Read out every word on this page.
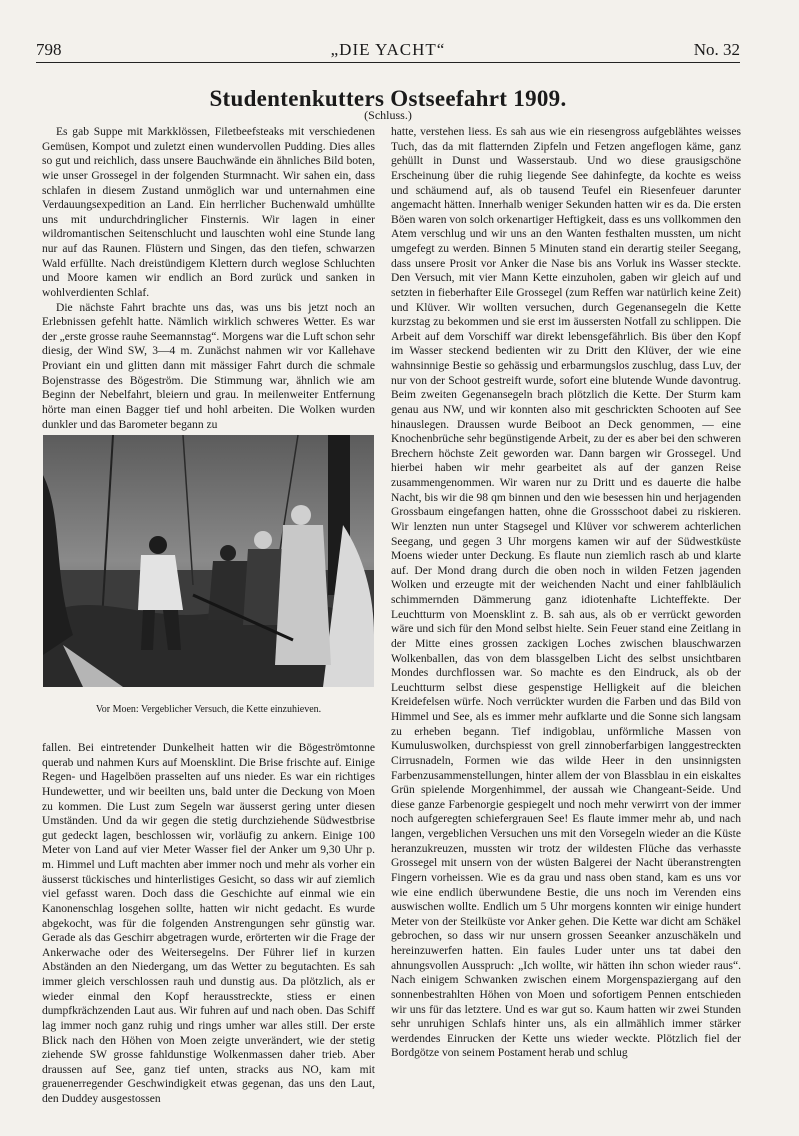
798	„DIE YACHT“	No. 32
Studentenkutters Ostseefahrt 1909.
(Schluss.)

Es gab Suppe mit Markklössen, Filetbeefsteaks mit verschiedenen Gemüsen, Kompot und zuletzt einen wundervollen Pudding. Dies alles so gut und reichlich, dass unsere Bauchwände ein ähnliches Bild boten, wie unser Grossegel in der folgenden Sturmnacht. Wir sahen ein, dass schlafen in diesem Zustand unmöglich war und unternahmen eine Verdauungsexpedition an Land. Ein herrlicher Buchenwald umhüllte uns mit undurchdringlicher Finsternis. Wir lagen in einer wildromantischen Seitenschlucht und lauschten wohl eine Stunde lang nur auf das Raunen. Flüstern und Singen, das den tiefen, schwarzen Wald erfüllte. Nach dreistündigem Klettern durch weglose Schluchten und Moore kamen wir endlich an Bord zurück und sanken in wohlverdienten Schlaf.

Die nächste Fahrt brachte uns das, was uns bis jetzt noch an Erlebnissen gefehlt hatte. Nämlich wirklich schweres Wetter. Es war der „erste grosse rauhe Seemannstag“. Morgens war die Luft schon sehr diesig, der Wind SW, 3—4 m. Zunächst nahmen wir vor Kallehave Proviant ein und glitten dann mit mässiger Fahrt durch die schmale Bojenstrasse des Bögeström. Die Stimmung war, ähnlich wie am Beginn der Nebelfahrt, bleiern und grau. In meilenweiter Entfernung hörte man einen Bagger tief und hohl arbeiten. Die Wolken wurden dunkler und das Barometer begann zu

Vor Moen: Vergeblicher Versuch, die Kette einzuhieven.

fallen. Bei eintretender Dunkelheit hatten wir die Bögeströmtonne querab und nahmen Kurs auf Moensklint. Die Brise frischte auf. Einige Regen- und Hagelböen prasselten auf uns nieder. Es war ein richtiges Hundewetter, und wir beeilten uns, bald unter die Deckung von Moen zu kommen. Die Lust zum Segeln war äusserst gering unter diesen Umständen. Und da wir gegen die stetig durchziehende Südwestbrise gut gedeckt lagen, beschlossen wir, vorläufig zu ankern. Einige 100 Meter von Land auf vier Meter Wasser fiel der Anker um 9,30 Uhr p. m. Himmel und Luft machten aber immer noch und mehr als vorher ein äusserst tückisches und hinterlistiges Gesicht, so dass wir auf ziemlich viel gefasst waren. Doch dass die Geschichte auf einmal wie ein Kanonenschlag losgehen sollte, hatten wir nicht gedacht. Es wurde abgekocht, was für die folgenden Anstrengungen sehr günstig war. Gerade als das Geschirr abgetragen wurde, erörterten wir die Frage der Ankerwache oder des Weitersegelns. Der Führer lief in kurzen Abständen an den Niedergang, um das Wetter zu begutachten. Es sah immer gleich verschlossen rauh und dunstig aus. Da plötzlich, als er wieder einmal den Kopf herausstreckte, stiess er einen dumpfkrächzenden Laut aus. Wir fuhren auf und nach oben. Das Schiff lag immer noch ganz ruhig und rings umher war alles still. Der erste Blick nach den Höhen von Moen zeigte unverändert, wie der stetig ziehende SW grosse fahldunstige Wolkenmassen daher trieb. Aber draussen auf See, ganz tief unten, stracks aus NO, kam mit grauenerregender Geschwindigkeit etwas gegenan, das uns den Laut, den Duddey ausgestossen

hatte, verstehen liess. Es sah aus wie ein riesengross aufgeblähtes weisses Tuch, das da mit flatternden Zipfeln und Fetzen angeflogen käme, ganz gehüllt in Dunst und Wasserstaub. Und wo diese grausigschöne Erscheinung über die ruhig liegende See dahinfegte, da kochte es weiss und schäumend auf, als ob tausend Teufel ein Riesenfeuer darunter angemacht hätten. Innerhalb weniger Sekunden hatten wir es da. Die ersten Böen waren von solch orkenartiger Heftigkeit, dass es uns vollkommen den Atem verschlug und wir uns an den Wanten festhalten mussten, um nicht umgefegt zu werden. Binnen 5 Minuten stand ein derartig steiler Seegang, dass unsere Prosit vor Anker die Nase bis ans Vorluk ins Wasser steckte. Den Versuch, mit vier Mann Kette einzuholen, gaben wir gleich auf und setzten in fieberhafter Eile Grossegel (zum Reffen war natürlich keine Zeit) und Klüver. Wir wollten versuchen, durch Gegenansegeln die Kette kurzstag zu bekommen und sie erst im äussersten Notfall zu schlippen. Die Arbeit auf dem Vorschiff war direkt lebensgefährlich. Bis über den Kopf im Wasser steckend bedienten wir zu Dritt den Klüver, der wie eine wahnsinnige Bestie so gehässig und erbarmungslos zuschlug, dass Luv, der nur von der Schoot gestreift wurde, sofort eine blutende Wunde davontrug. Beim zweiten Gegenansegeln brach plötzlich die Kette. Der Sturm kam genau aus NW, und wir konnten also mit geschrickten Schooten auf See hinauslegen. Draussen wurde Beiboot an Deck genommen, — eine Knochenbrüche sehr begünstigende Arbeit, zu der es aber bei den schweren Brechern höchste Zeit geworden war. Dann bargen wir Grossegel. Und hierbei haben wir mehr gearbeitet als auf der ganzen Reise zusammengenommen. Wir waren nur zu Dritt und es dauerte die halbe Nacht, bis wir die 98 qm binnen und den wie besessen hin und herjagenden Grossbaum eingefangen hatten, ohne die Grossschoot dabei zu riskieren. Wir lenzten nun unter Stagsegel und Klüver vor schwerem achterlichen Seegang, und gegen 3 Uhr morgens kamen wir auf der Südwestküste Moens wieder unter Deckung. Es flaute nun ziemlich rasch ab und klarte auf. Der Mond drang durch die oben noch in wilden Fetzen jagenden Wolken und erzeugte mit der weichenden Nacht und einer fahlbläulich schimmernden Dämmerung ganz idiotenhafte Lichteffekte. Der Leuchtturm von Moensklint z. B. sah aus, als ob er verrückt geworden wäre und sich für den Mond selbst hielte. Sein Feuer stand eine Zeitlang in der Mitte eines grossen zackigen Loches zwischen blauschwarzen Wolkenballen, das von dem blassgelben Licht des selbst unsichtbaren Mondes durchflossen war. So machte es den Eindruck, als ob der Leuchtturm selbst diese gespenstige Helligkeit auf die bleichen Kreidefelsen würfe. Noch verrückter wurden die Farben und das Bild von Himmel und See, als es immer mehr aufklarte und die Sonne sich langsam zu erheben begann. Tief indigoblau, unförmliche Massen von Kumuluswolken, durchspiesst von grell zinnoberfarbigen langgestreckten Cirrusnadeln, Formen wie das wilde Heer in den unsinnigsten Farbenzusammenstellungen, hinter allem der von Blassblau in ein eiskaltes Grün spielende Morgenhimmel, der aussah wie Changeant-Seide. Und diese ganze Farbenorgie gespiegelt und noch mehr verwirrt von der immer noch aufgeregten schiefergrauen See! Es flaute immer mehr ab, und nach langen, vergeblichen Versuchen uns mit den Vorsegeln wieder an die Küste heranzukreuzen, mussten wir trotz der wildesten Flüche das verhasste Grossegel mit unsern von der wüsten Balgerei der Nacht überanstrengten Fingern vorheissen. Wie es da grau und nass oben stand, kam es uns vor wie eine endlich überwundene Bestie, die uns noch im Verenden eins auswischen wollte. Endlich um 5 Uhr morgens konnten wir einige hundert Meter von der Steilküste vor Anker gehen. Die Kette war dicht am Schäkel gebrochen, so dass wir nur unsern grossen Seeanker anzuschäkeln und hereinzuwerfen hatten. Ein faules Luder unter uns tat dabei den ahnungsvollen Ausspruch: „Ich wollte, wir hätten ihn schon wieder raus“. Nach einigem Schwanken zwischen einem Morgenspaziergang auf den sonnenbestrahlten Höhen von Moen und sofortigem Pennen entschieden wir uns für das letztere. Und es war gut so. Kaum hatten wir zwei Stunden sehr unruhigen Schlafs hinter uns, als ein allmählich immer stärker werdendes Einrucken der Kette uns wieder weckte. Plötzlich fiel der Bordgötze von seinem Postament herab und schlug
